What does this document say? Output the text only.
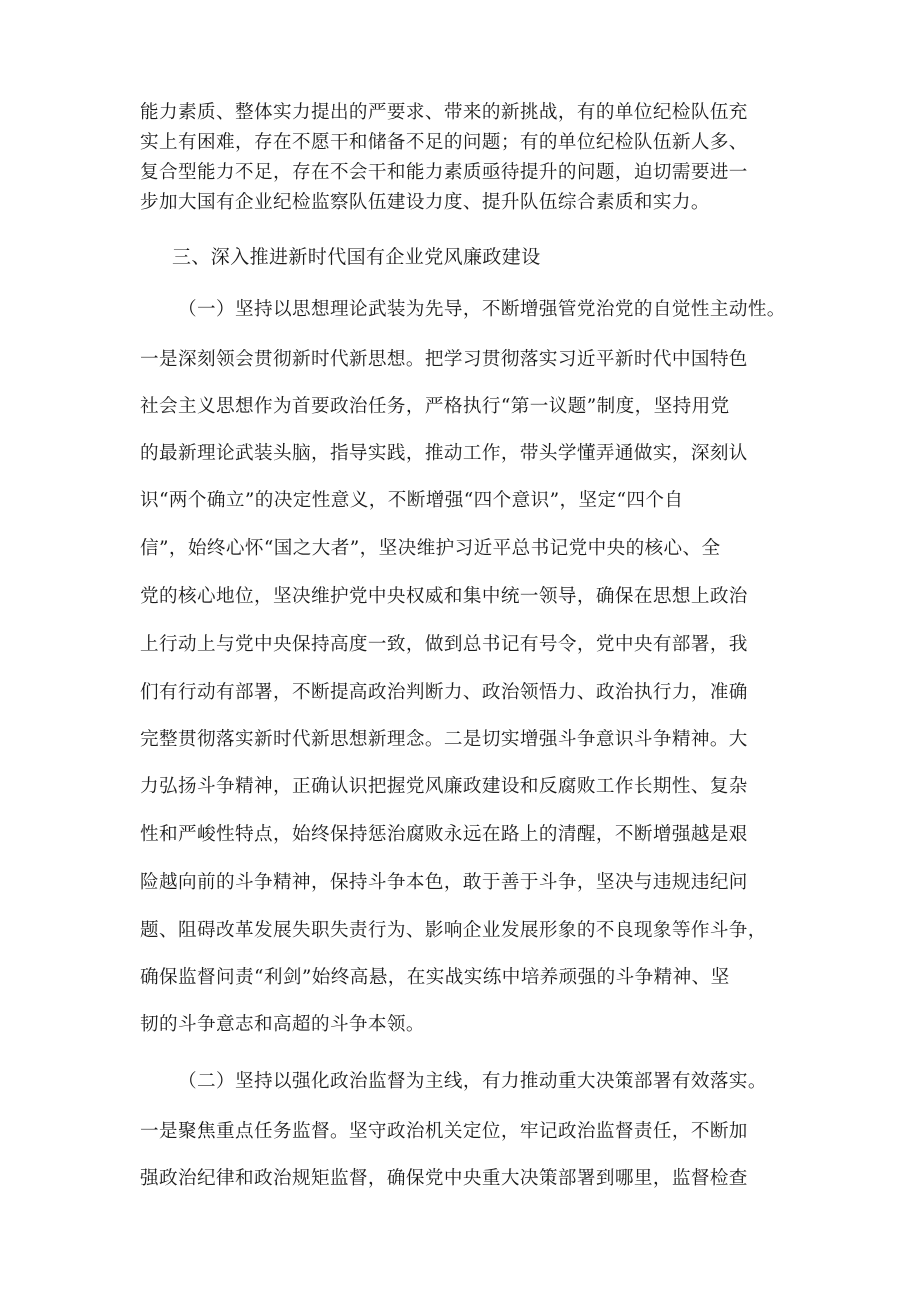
能力素质、整体实力提出的严要求、带来的新挑战，有的单位纪检队伍充
实上有困难，存在不愿干和储备不足的问题；有的单位纪检队伍新人多、
复合型能力不足，存在不会干和能力素质亟待提升的问题，迫切需要进一
步加大国有企业纪检监察队伍建设力度、提升队伍综合素质和实力。
三、深入推进新时代国有企业党风廉政建设
（一）坚持以思想理论武装为先导，不断增强管党治党的自觉性主动性。
一是深刻领会贯彻新时代新思想。把学习贯彻落实习近平新时代中国特色
社会主义思想作为首要政治任务，严格执行“第一议题”制度，坚持用党
的最新理论武装头脑，指导实践，推动工作，带头学懂弄通做实，深刻认
识“两个确立”的决定性意义，不断增强“四个意识”，坚定“四个自
信”，始终心怀“国之大者”，坚决维护习近平总书记党中央的核心、全
党的核心地位，坚决维护党中央权威和集中统一领导，确保在思想上政治
上行动上与党中央保持高度一致，做到总书记有号令，党中央有部署，我
们有行动有部署，不断提高政治判断力、政治领悟力、政治执行力，准确
完整贯彻落实新时代新思想新理念。二是切实增强斗争意识斗争精神。大
力弘扬斗争精神，正确认识把握党风廉政建设和反腐败工作长期性、复杂
性和严峻性特点，始终保持惩治腐败永远在路上的清醒，不断增强越是艰
险越向前的斗争精神，保持斗争本色，敢于善于斗争，坚决与违规违纪问
题、阻碍改革发展失职失责行为、影响企业发展形象的不良现象等作斗争，
确保监督问责“利剑”始终高悬，在实战实练中培养顽强的斗争精神、坚
韧的斗争意志和高超的斗争本领。
（二）坚持以强化政治监督为主线，有力推动重大决策部署有效落实。
一是聚焦重点任务监督。坚守政治机关定位，牢记政治监督责任，不断加
强政治纪律和政治规矩监督，确保党中央重大决策部署到哪里，监督检查
